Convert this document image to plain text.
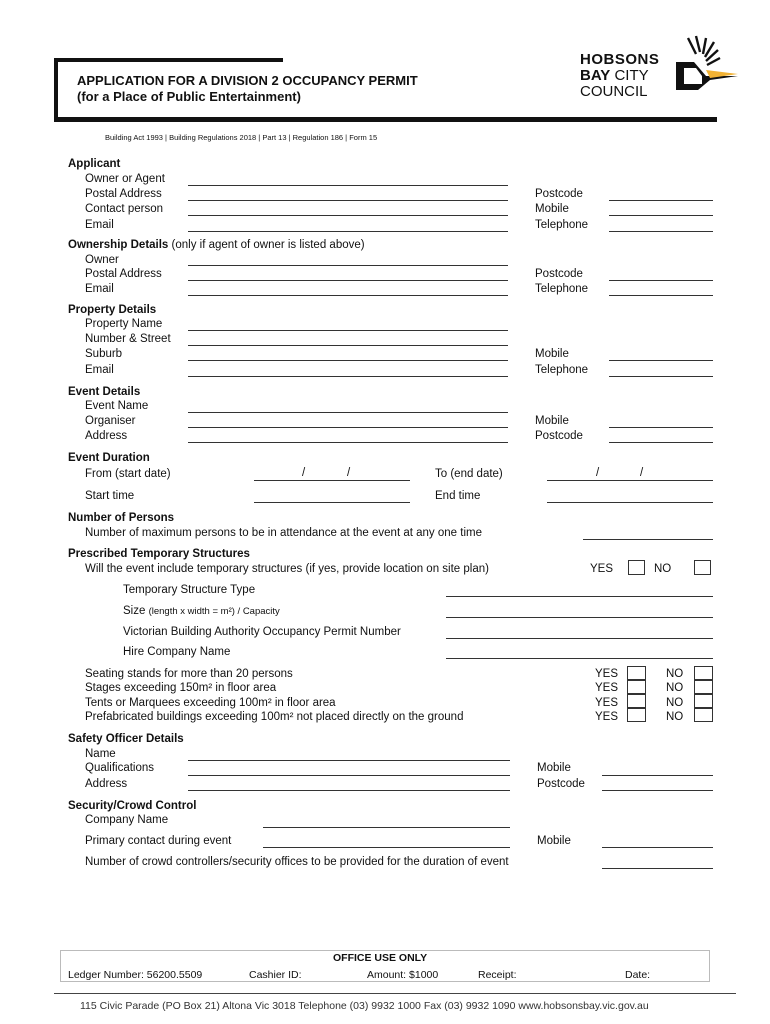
APPLICATION FOR A DIVISION 2 OCCUPANCY PERMIT
(for a Place of Public Entertainment)
HOBSONS
BAY CITY
COUNCIL
Building Act 1993 | Building Regulations 2018 | Part 13 | Regulation 186 | Form 15
Applicant
Owner or Agent
Postal Address	Postcode
Contact person	Mobile
Email	Telephone
Ownership Details (only if agent of owner is listed above)
Owner
Postal Address	Postcode
Email	Telephone
Property Details
Property Name
Number & Street
Suburb	Mobile
Email	Telephone
Event Details
Event Name
Organiser	Mobile
Address	Postcode
Event Duration
From (start date)	/	/	To (end date)	/	/
Start time	End time
Number of Persons
Number of maximum persons to be in attendance at the event at any one time
Prescribed Temporary Structures
Will the event include temporary structures (if yes, provide location on site plan)	YES	NO
Temporary Structure Type
Size (length x width = m²) / Capacity
Victorian Building Authority Occupancy Permit Number
Hire Company Name
Seating stands for more than 20 persons	YES	NO
Stages exceeding 150m² in floor area	YES	NO
Tents or Marquees exceeding 100m² in floor area	YES	NO
Prefabricated buildings exceeding 100m² not placed directly on the ground	YES	NO
Safety Officer Details
Name
Qualifications	Mobile
Address	Postcode
Security/Crowd Control
Company Name
Primary contact during event	Mobile
Number of crowd controllers/security offices to be provided for the duration of event
OFFICE USE ONLY
Ledger Number: 56200.5509	Cashier ID:	Amount: $1000	Receipt:	Date:
115 Civic Parade (PO Box 21) Altona Vic 3018 Telephone (03) 9932 1000 Fax (03) 9932 1090 www.hobsonsbay.vic.gov.au
